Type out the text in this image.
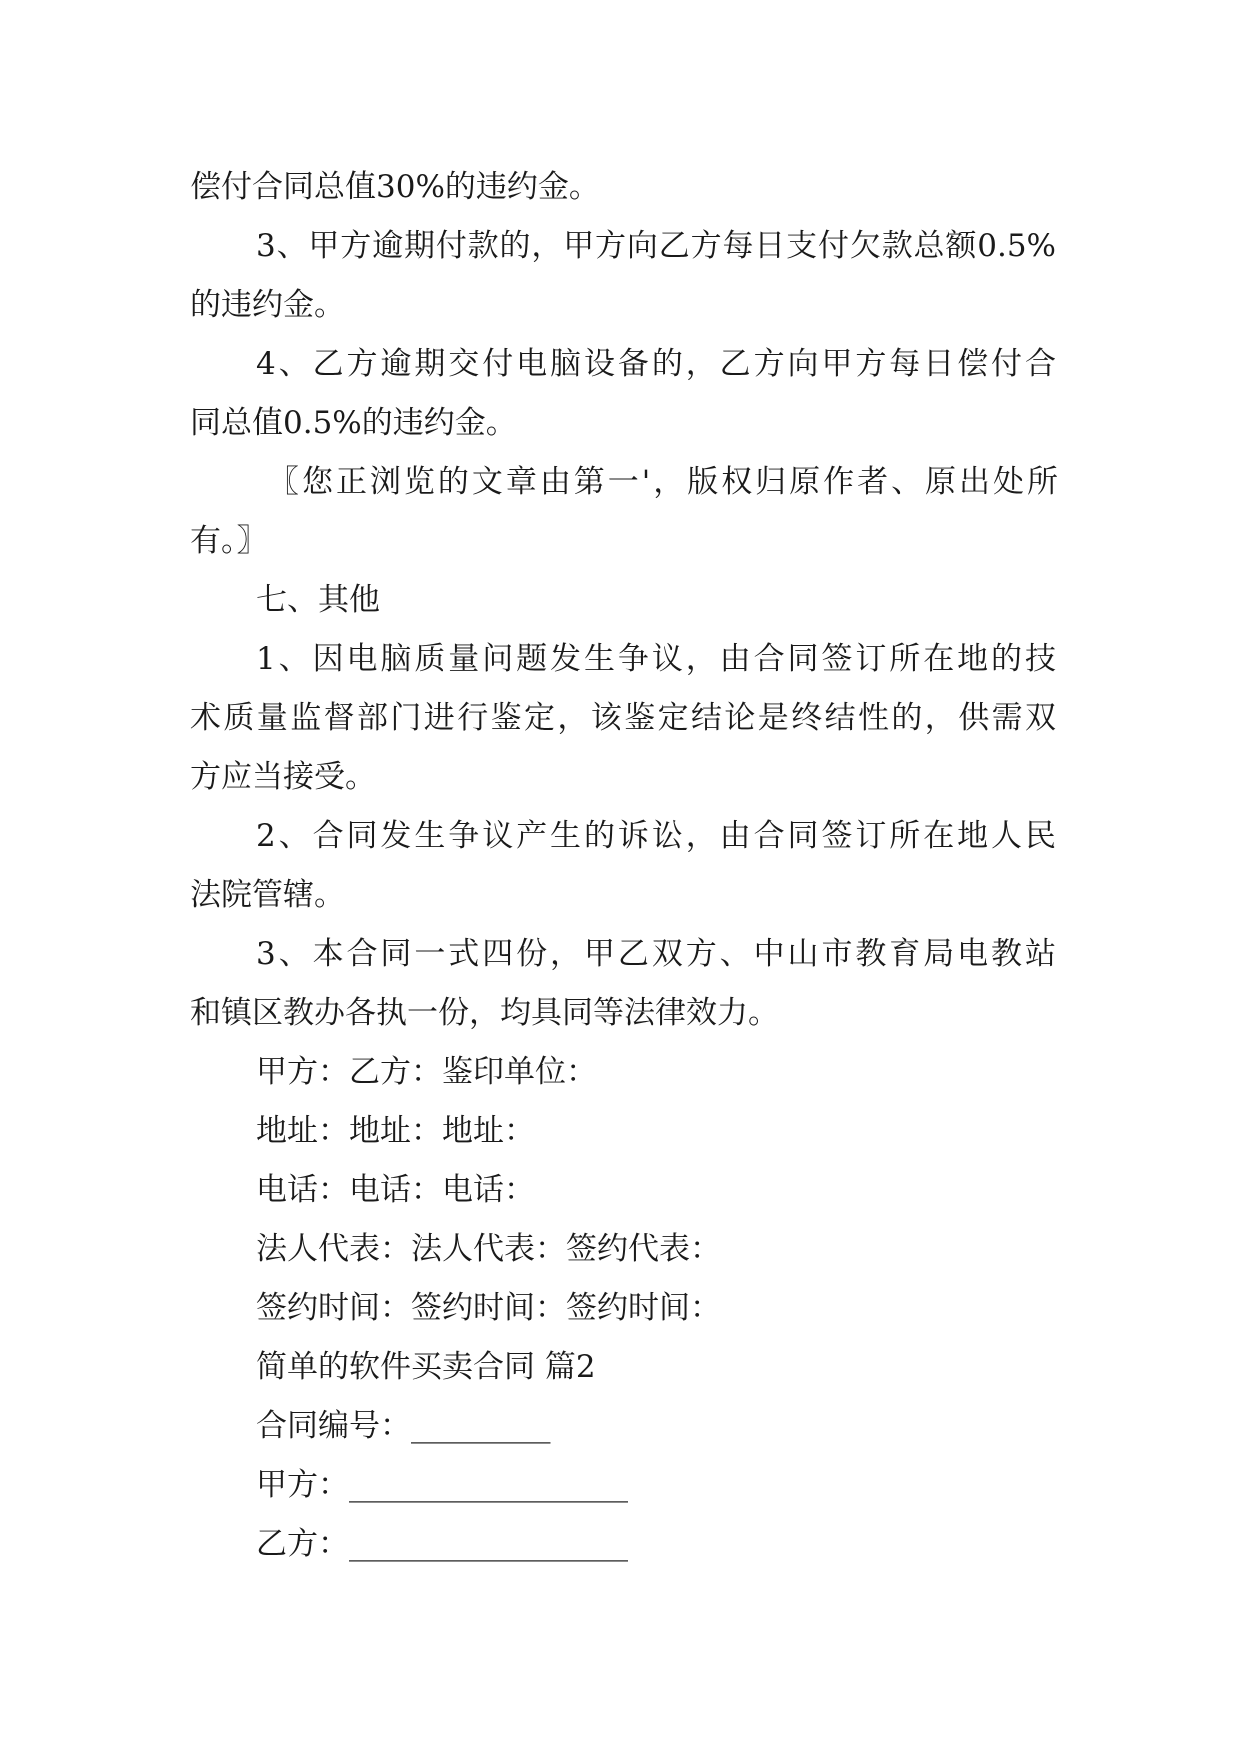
偿付合同总值30%的违约金。
3、甲方逾期付款的，甲方向乙方每日支付欠款总额0.5%
的违约金。
4、乙方逾期交付电脑设备的，乙方向甲方每日偿付合
同总值0.5%的违约金。
〖您正浏览的文章由第一'，版权归原作者、原出处所
有。〗
七、其他
1、因电脑质量问题发生争议，由合同签订所在地的技
术质量监督部门进行鉴定，该鉴定结论是终结性的，供需双
方应当接受。
2、合同发生争议产生的诉讼，由合同签订所在地人民
法院管辖。
3、本合同一式四份，甲乙双方、中山市教育局电教站
和镇区教办各执一份，均具同等法律效力。
甲方：乙方：鉴印单位：
地址：地址：地址：
电话：电话：电话：
法人代表：法人代表：签约代表：
签约时间：签约时间：签约时间：
简单的软件买卖合同 篇2
合同编号：_________
甲方：__________________
乙方：__________________
